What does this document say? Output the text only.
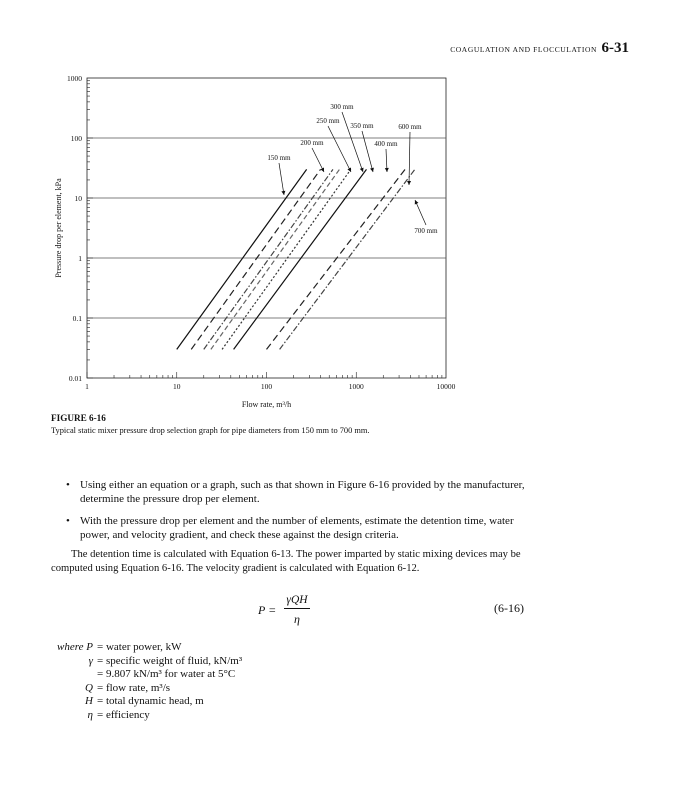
COAGULATION AND FLOCCULATION 6-31
150 mm
200 mm
250 mm
300 mm
350 mm
400 mm
600 mm
700 mm
0.01
0.1
1
10
100
1000
1	10	100	1000	10000
Flow rate, m³/h
Pressure drop per element, kPa
FIGURE 6-16
Typical static mixer pressure drop selection graph for pipe diameters from 150 mm to 700 mm.
• Using either an equation or a graph, such as that shown in Figure 6-16 provided by the manufacturer, determine the pressure drop per element.
• With the pressure drop per element and the number of elements, estimate the detention time, water power, and velocity gradient, and check these against the design criteria.
The detention time is calculated with Equation 6-13. The power imparted by static mixing devices may be computed using Equation 6-16. The velocity gradient is calculated with Equation 6-12.
P =
γQH
η
(6-16)
where P = water power, kW
γ = specific weight of fluid, kN/m³
= 9.807 kN/m³ for water at 5°C
Q = flow rate, m³/s
H = total dynamic head, m
η = efficiency
